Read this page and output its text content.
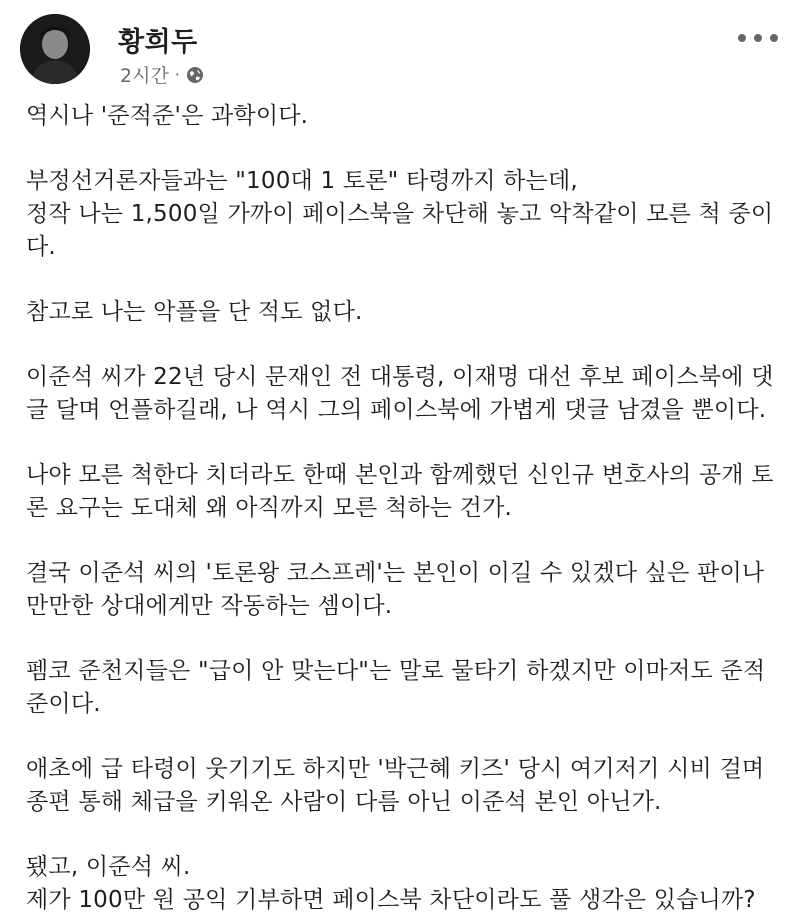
황희두
2시간 ·

역시나 '준적준'은 과학이다.

부정선거론자들과는 "100대 1 토론" 타령까지 하는데,
정작 나는 1,500일 가까이 페이스북을 차단해 놓고 악착같이 모른 척 중이
다.

참고로 나는 악플을 단 적도 없다.

이준석 씨가 22년 당시 문재인 전 대통령, 이재명 대선 후보 페이스북에 댓
글 달며 언플하길래, 나 역시 그의 페이스북에 가볍게 댓글 남겼을 뿐이다.

나야 모른 척한다 치더라도 한때 본인과 함께했던 신인규 변호사의 공개 토
론 요구는 도대체 왜 아직까지 모른 척하는 건가.

결국 이준석 씨의 '토론왕 코스프레'는 본인이 이길 수 있겠다 싶은 판이나
만만한 상대에게만 작동하는 셈이다.

펨코 준천지들은 "급이 안 맞는다"는 말로 물타기 하겠지만 이마저도 준적
준이다.

애초에 급 타령이 웃기기도 하지만 '박근혜 키즈' 당시 여기저기 시비 걸며
종편 통해 체급을 키워온 사람이 다름 아닌 이준석 본인 아닌가.

됐고, 이준석 씨.
제가 100만 원 공익 기부하면 페이스북 차단이라도 풀 생각은 있습니까?
